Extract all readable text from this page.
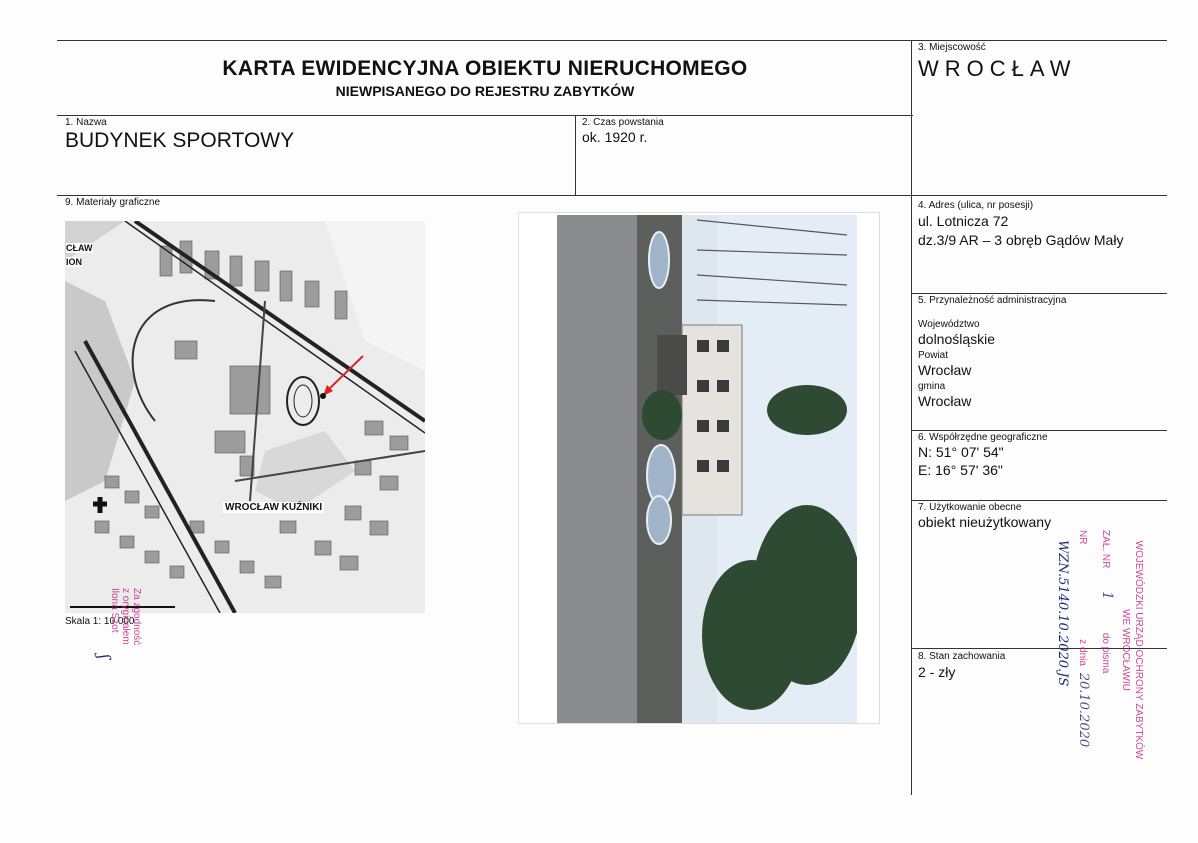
KARTA EWIDENCYJNA OBIEKTU NIERUCHOMEGO
NIEWPISANEGO DO REJESTRU ZABYTKÓW
3. Miejscowość
WROCŁAW
1. Nazwa
BUDYNEK SPORTOWY
2. Czas powstania
ok. 1920 r.
9. Materiały graficzne	4. Adres (ulica, nr posesji)
ul. Lotnicza 72
dz.3/9 AR – 3 obręb Gądów Mały
5. Przynależność administracyjna
Województwo
dolnośląskie
Powiat
Wrocław
gmina
Wrocław
6. Współrzędne geograficzne
N: 51° 07' 54"
E: 16° 57' 36"
7. Użytkowanie obecne
obiekt nieużytkowany
8. Stan zachowania
2 - zły
WROCŁAW KUŹNIKI
CŁAW
ION
Skala 1: 10 000	WOJEWÓDZKI URZĄD OCHRONY ZABYTKÓW
WE WROCŁAWIU
ZAŁ. NR 1 do pisma
NR z dnia 20.10.2020
WZN.5140.10.2020.JS
Za zgodność
z oryginałem
Ilona Szot
ʃ
